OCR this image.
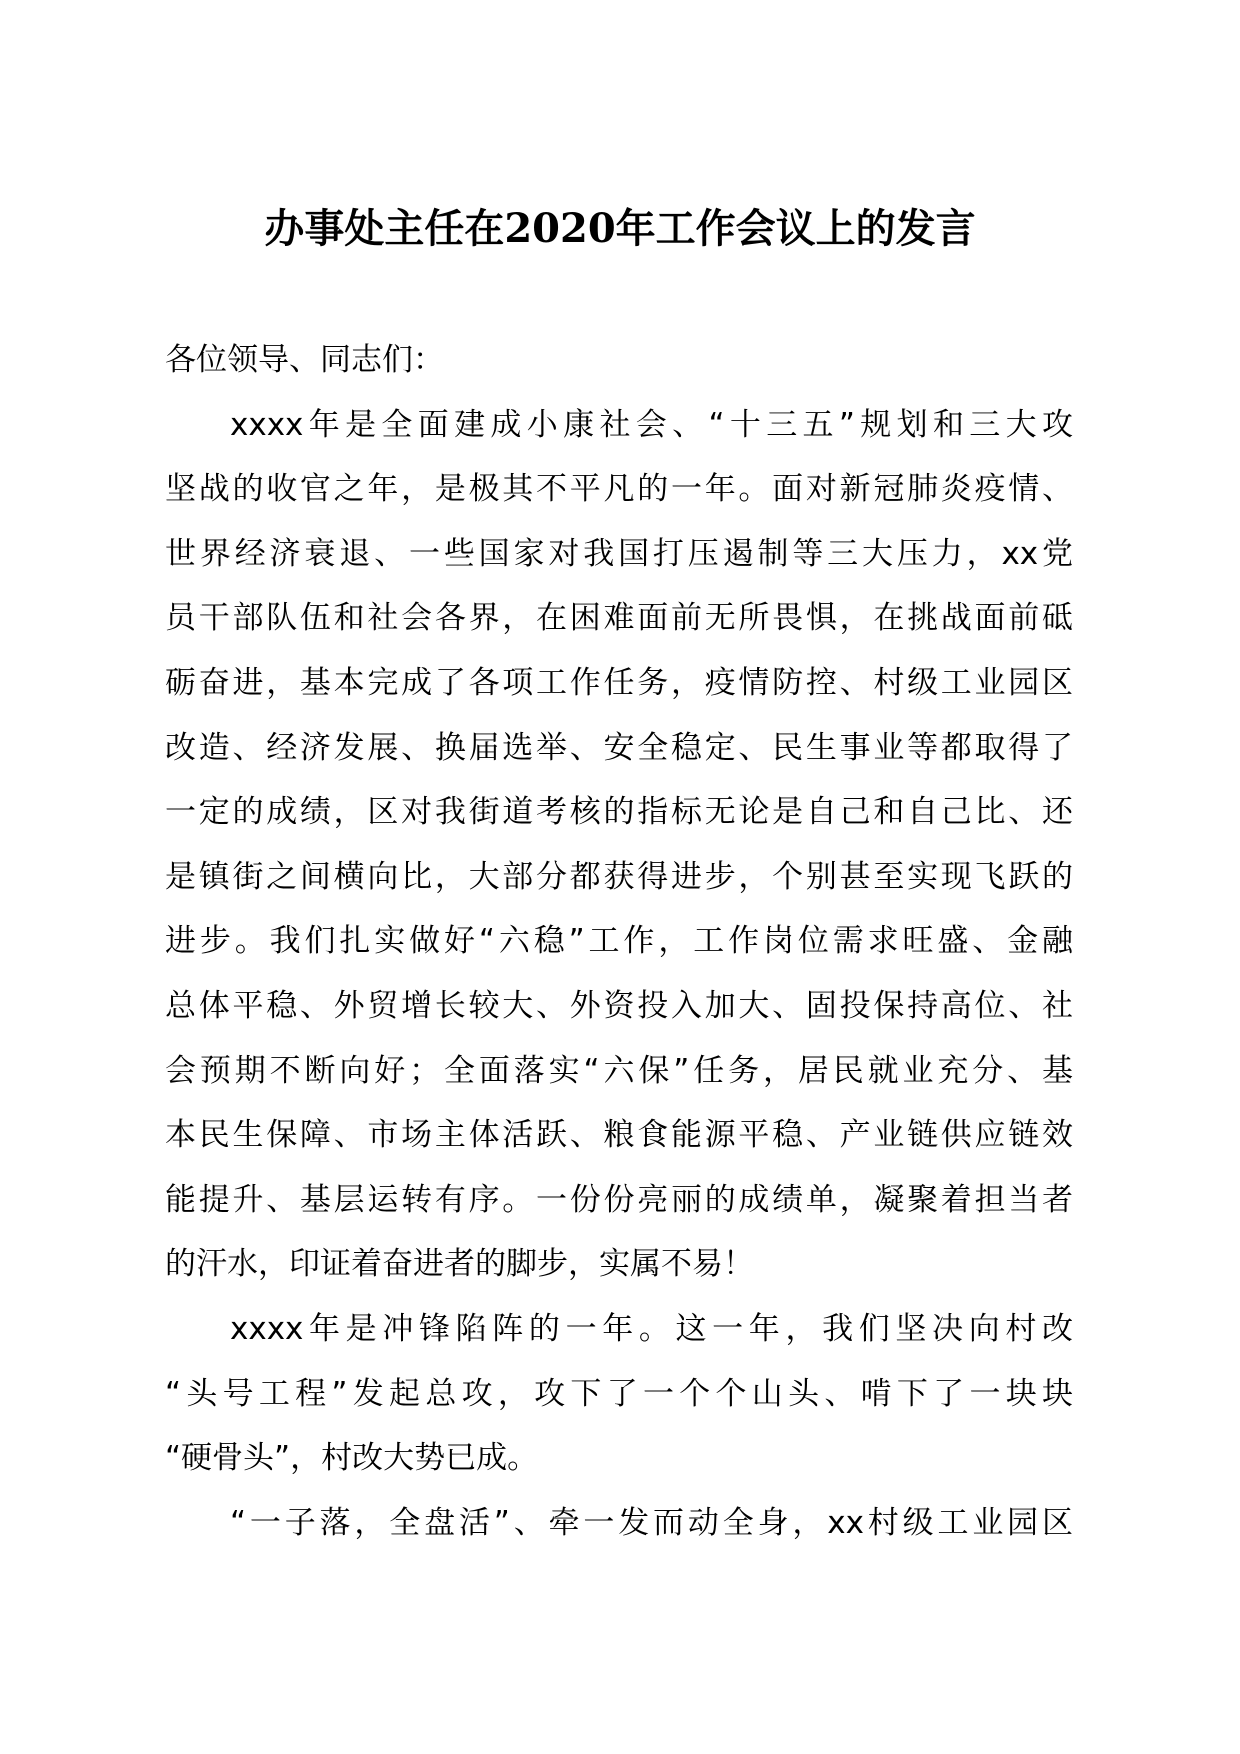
办事处主任在2020年工作会议上的发言
各位领导、同志们：
xxxx年是全面建成小康社会、“十三五”规划和三大攻
坚战的收官之年，是极其不平凡的一年。面对新冠肺炎疫情、
世界经济衰退、一些国家对我国打压遏制等三大压力，xx党
员干部队伍和社会各界，在困难面前无所畏惧，在挑战面前砥
砺奋进，基本完成了各项工作任务，疫情防控、村级工业园区
改造、经济发展、换届选举、安全稳定、民生事业等都取得了
一定的成绩，区对我街道考核的指标无论是自己和自己比、还
是镇街之间横向比，大部分都获得进步，个别甚至实现飞跃的
进步。我们扎实做好“六稳”工作，工作岗位需求旺盛、金融
总体平稳、外贸增长较大、外资投入加大、固投保持高位、社
会预期不断向好；全面落实“六保”任务，居民就业充分、基
本民生保障、市场主体活跃、粮食能源平稳、产业链供应链效
能提升、基层运转有序。一份份亮丽的成绩单，凝聚着担当者
的汗水，印证着奋进者的脚步，实属不易！
xxxx年是冲锋陷阵的一年。这一年，我们坚决向村改
“头号工程”发起总攻，攻下了一个个山头、啃下了一块块
“硬骨头”，村改大势已成。
“一子落，全盘活”、牵一发而动全身，xx村级工业园区
